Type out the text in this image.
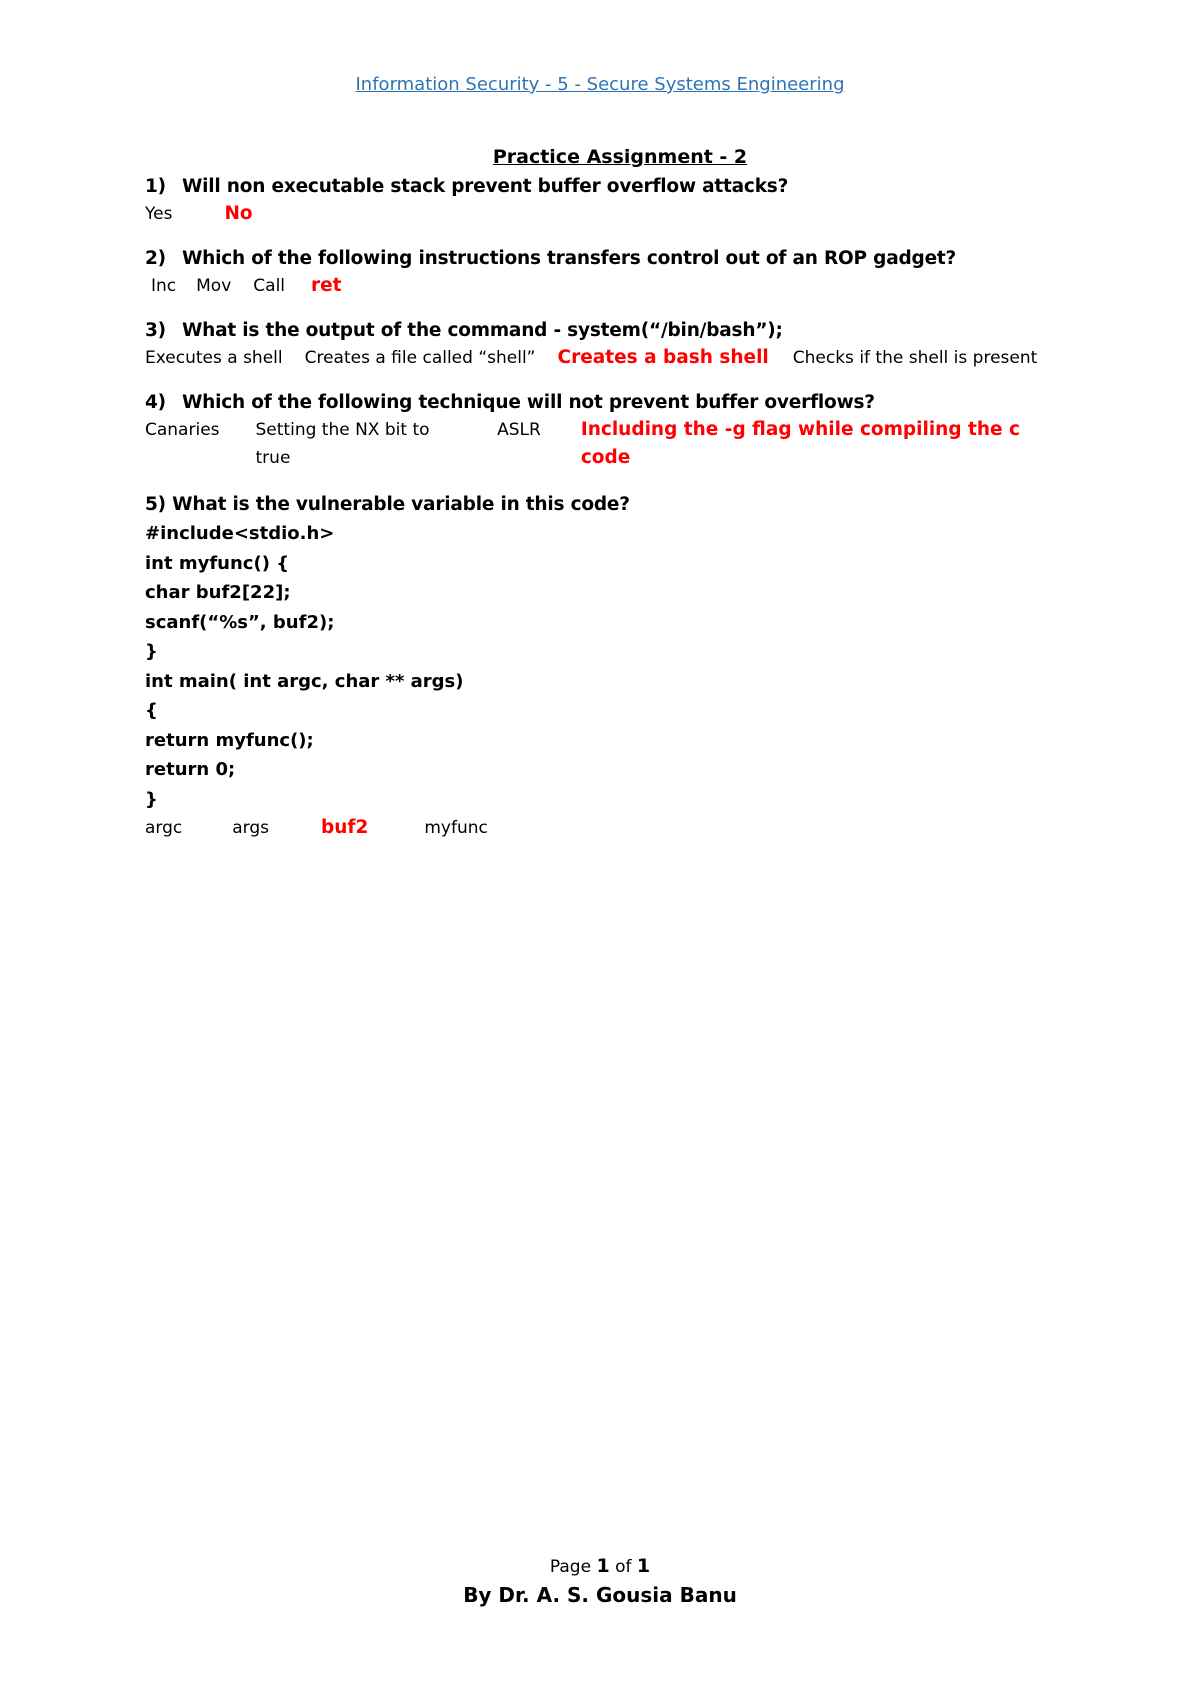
Information Security - 5 - Secure Systems Engineering
Practice Assignment - 2
1) Will non executable stack prevent buffer overflow attacks?
Yes	No
2) Which of the following instructions transfers control out of an ROP gadget?
Inc Mov Call ret
3) What is the output of the command - system(“/bin/bash”);
Executes a shell Creates a file called “shell” Creates a bash shell Checks if the shell is present
4) Which of the following technique will not prevent buffer overflows?
Canaries Setting the NX bit to true
ASLR Including the -g flag while compiling the c code
5) What is the vulnerable variable in this code?
#include<stdio.h>
int myfunc() {
char buf2[22];
scanf(“%s”, buf2);
}
int main( int argc, char ** args)
{
return myfunc();
return 0;
}
argc	args	buf2	myfunc
Page 1 of 1
By Dr. A. S. Gousia Banu
